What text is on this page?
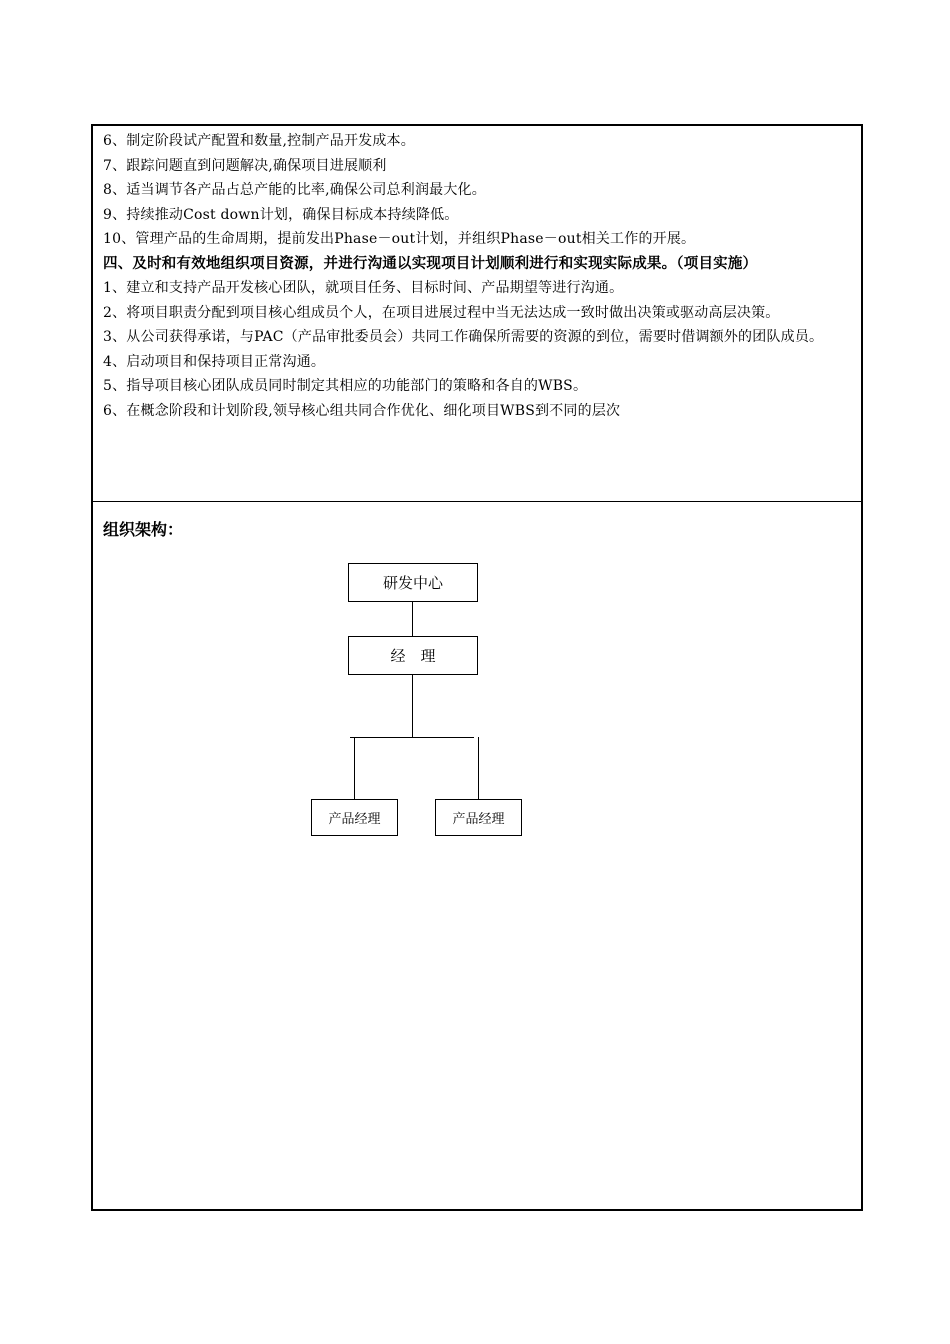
6、制定阶段试产配置和数量,控制产品开发成本。
7、跟踪问题直到问题解决,确保项目进展顺利
8、适当调节各产品占总产能的比率,确保公司总利润最大化。
9、持续推动Cost down计划，确保目标成本持续降低。
10、管理产品的生命周期，提前发出Phase－out计划，并组织Phase－out相关工作的开展。
四、及时和有效地组织项目资源，并进行沟通以实现项目计划顺利进行和实现实际成果。（项目实施）
1、建立和支持产品开发核心团队，就项目任务、目标时间、产品期望等进行沟通。
2、将项目职责分配到项目核心组成员个人，在项目进展过程中当无法达成一致时做出决策或驱动高层决策。
3、从公司获得承诺，与PAC（产品审批委员会）共同工作确保所需要的资源的到位，需要时借调额外的团队成员。
4、启动项目和保持项目正常沟通。
5、指导项目核心团队成员同时制定其相应的功能部门的策略和各自的WBS。
6、在概念阶段和计划阶段,领导核心组共同合作优化、细化项目WBS到不同的层次
组织架构：
研发中心
经　理
产品经理	产品经理
